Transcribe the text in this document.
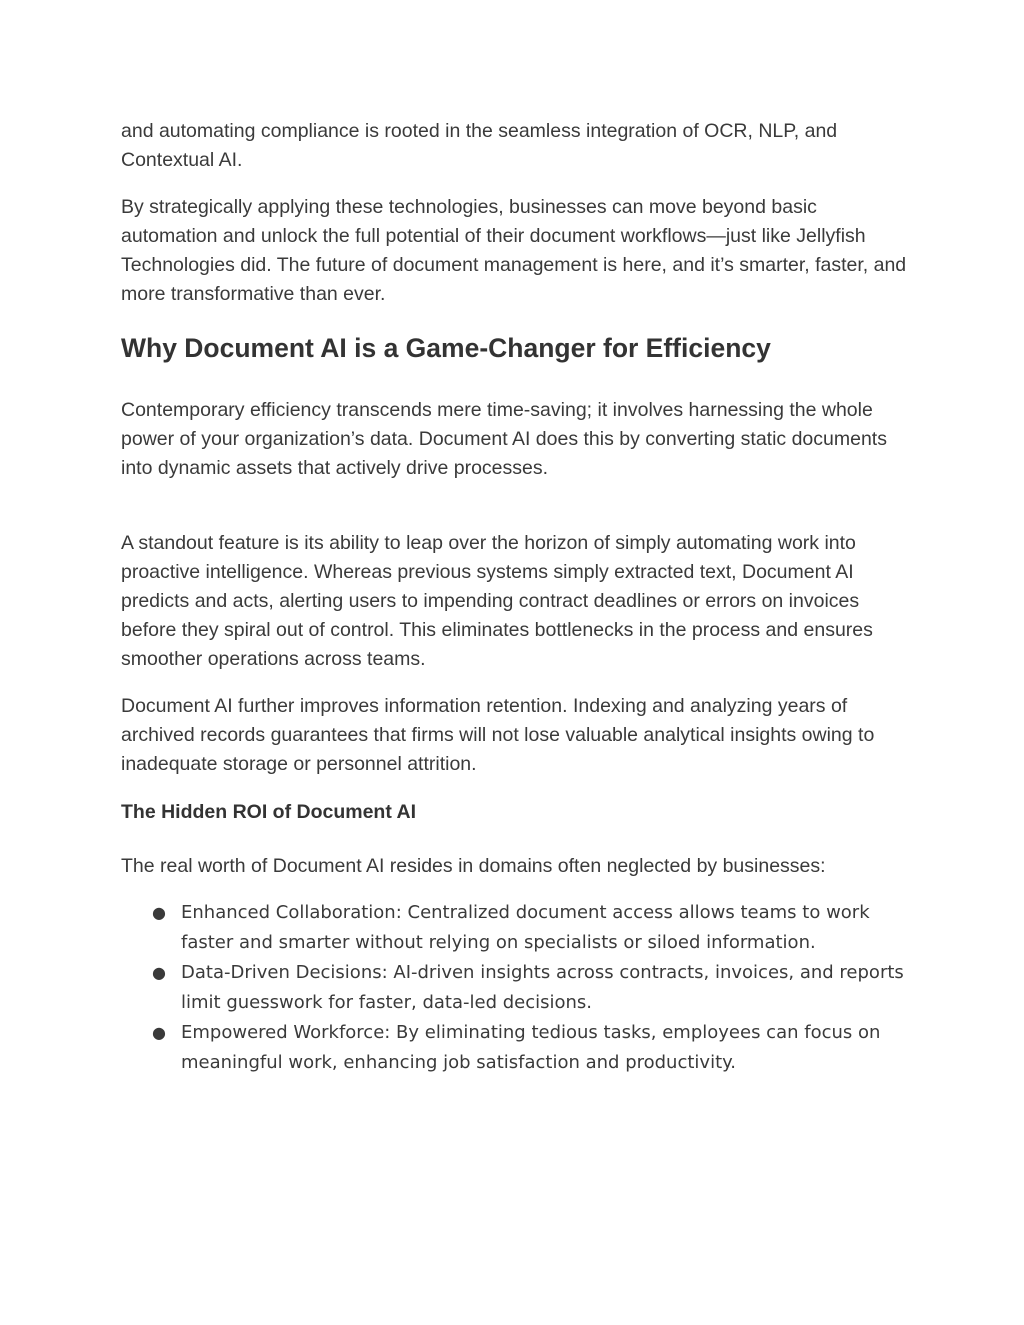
and automating compliance is rooted in the seamless integration of OCR, NLP, and Contextual AI.

By strategically applying these technologies, businesses can move beyond basic automation and unlock the full potential of their document workflows—just like Jellyfish Technologies did. The future of document management is here, and it’s smarter, faster, and more transformative than ever.

Why Document AI is a Game-Changer for Efficiency

Contemporary efficiency transcends mere time-saving; it involves harnessing the whole power of your organization’s data. Document AI does this by converting static documents into dynamic assets that actively drive processes.

A standout feature is its ability to leap over the horizon of simply automating work into proactive intelligence. Whereas previous systems simply extracted text, Document AI predicts and acts, alerting users to impending contract deadlines or errors on invoices before they spiral out of control. This eliminates bottlenecks in the process and ensures smoother operations across teams.

Document AI further improves information retention. Indexing and analyzing years of archived records guarantees that firms will not lose valuable analytical insights owing to inadequate storage or personnel attrition.

The Hidden ROI of Document AI

The real worth of Document AI resides in domains often neglected by businesses:

● Enhanced Collaboration: Centralized document access allows teams to work faster and smarter without relying on specialists or siloed information.
● Data-Driven Decisions: AI-driven insights across contracts, invoices, and reports limit guesswork for faster, data-led decisions.
● Empowered Workforce: By eliminating tedious tasks, employees can focus on meaningful work, enhancing job satisfaction and productivity.
